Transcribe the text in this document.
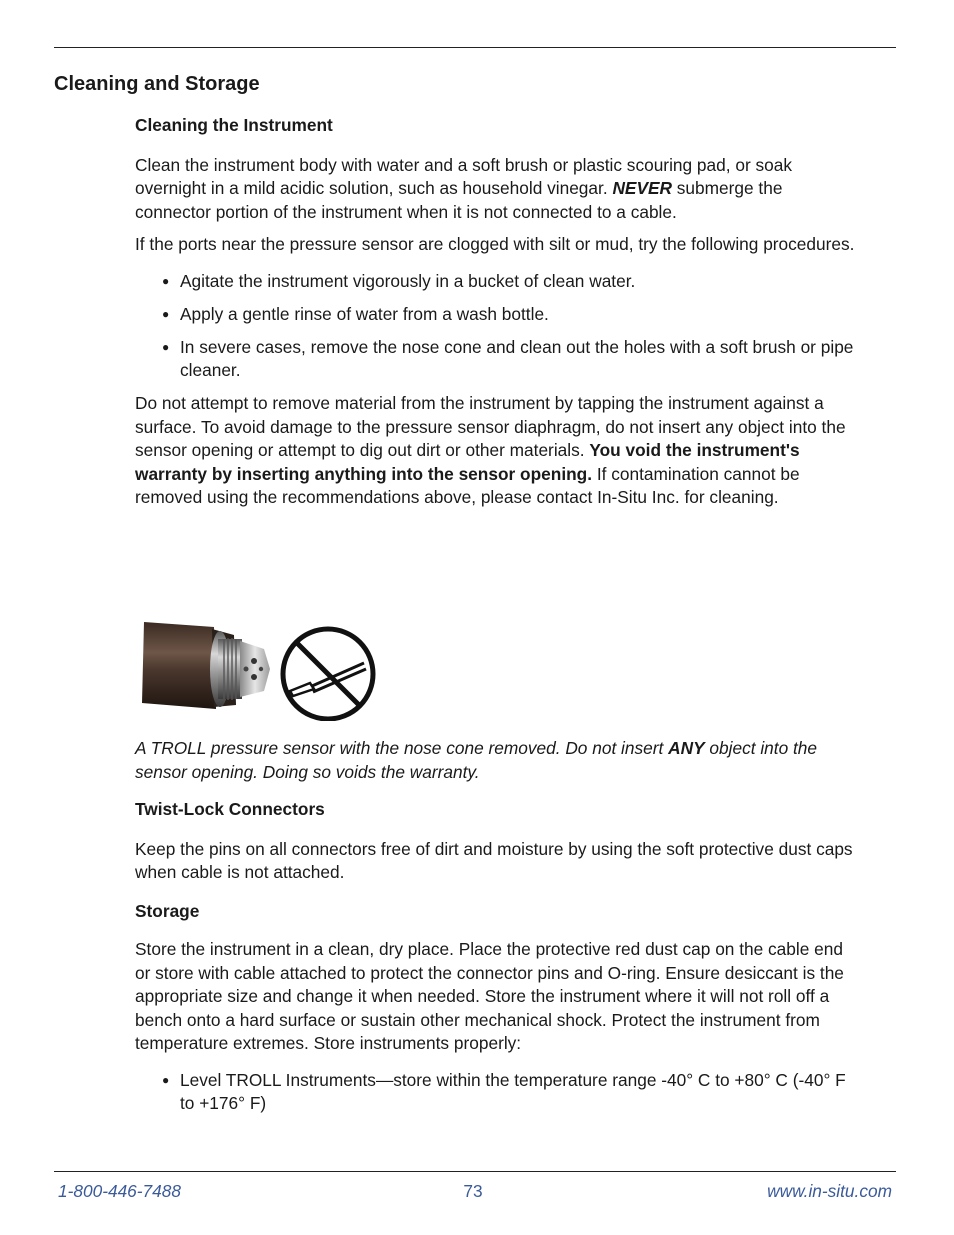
Cleaning and Storage
Cleaning the Instrument

Clean the instrument body with water and a soft brush or plastic scouring pad, or soak overnight in a mild acidic solution, such as household vinegar. NEVER submerge the connector portion of the instrument when it is not connected to a cable.

If the ports near the pressure sensor are clogged with silt or mud, try the following procedures.

● Agitate the instrument vigorously in a bucket of clean water.
● Apply a gentle rinse of water from a wash bottle.
● In severe cases, remove the nose cone and clean out the holes with a soft brush or pipe cleaner.

Do not attempt to remove material from the instrument by tapping the instrument against a surface. To avoid damage to the pressure sensor diaphragm, do not insert any object into the sensor opening or attempt to dig out dirt or other materials. You void the instrument's warranty by inserting anything into the sensor opening. If contamination cannot be removed using the recommendations above, please contact In-Situ Inc. for cleaning.

A TROLL pressure sensor with the nose cone removed. Do not insert ANY object into the sensor opening. Doing so voids the warranty.

Twist-Lock Connectors

Keep the pins on all connectors free of dirt and moisture by using the soft protective dust caps when cable is not attached.

Storage

Store the instrument in a clean, dry place. Place the protective red dust cap on the cable end or store with cable attached to protect the connector pins and O-ring. Ensure desiccant is the appropriate size and change it when needed. Store the instrument where it will not roll off a bench onto a hard surface or sustain other mechanical shock. Protect the instrument from temperature extremes. Store instruments properly:

● Level TROLL Instruments—store within the temperature range -40° C to +80° C (-40° F to +176° F)
1-800-446-7488	73	www.in-situ.com
